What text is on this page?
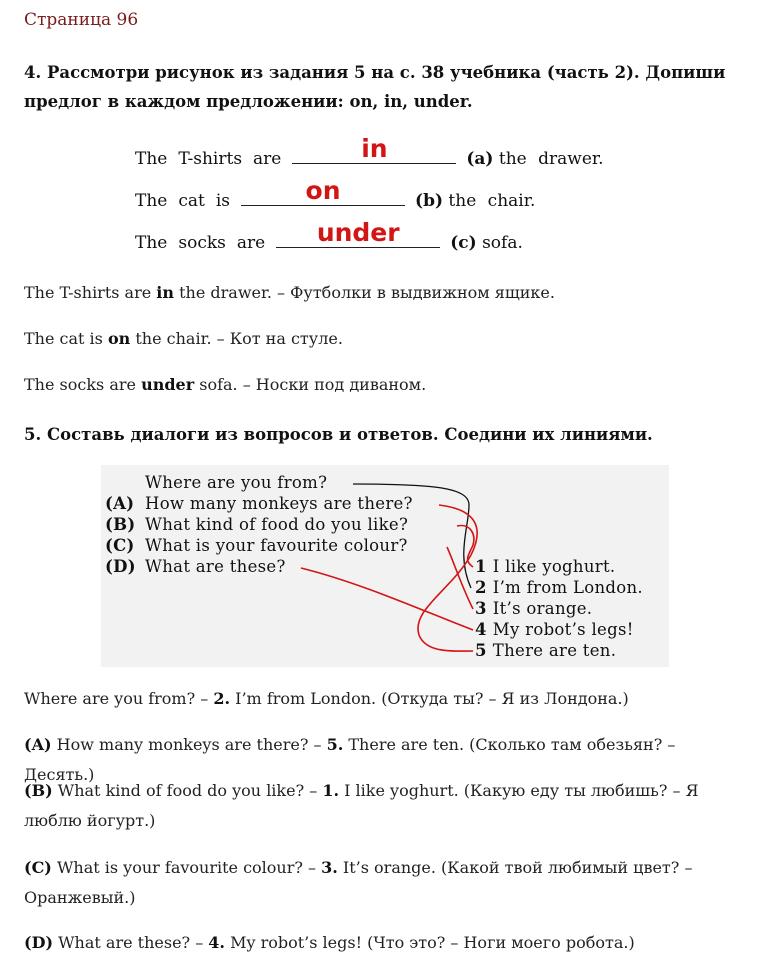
Страница 96
4. Рассмотри рисунок из задания 5 на с. 38 учебника (часть 2). Допиши предлог в каждом предложении: on, in, under.
The T-shirts are	in	(a) the drawer.
The cat is	on	(b) the chair.
The socks are	under	(c) sofa.
The T-shirts are in the drawer. – Футболки в выдвижном ящике.
The cat is on the chair. – Кот на стуле.
The socks are under sofa. – Носки под диваном.
5. Составь диалоги из вопросов и ответов. Соедини их линиями.
Where are you from?
(A) How many monkeys are there?
(B) What kind of food do you like?
(C) What is your favourite colour?
(D) What are these?	1 I like yoghurt.
2 I’m from London.
3 It’s orange.
4 My robot’s legs!
5 There are ten.
Where are you from? – 2. I’m from London. (Откуда ты? – Я из Лондона.)
(A) How many monkeys are there? – 5. There are ten. (Сколько там обезьян? – Десять.)
(B) What kind of food do you like? – 1. I like yoghurt. (Какую еду ты любишь? – Я люблю йогурт.)
(C) What is your favourite colour? – 3. It’s orange. (Какой твой любимый цвет? – Оранжевый.)
(D) What are these? – 4. My robot’s legs! (Что это? – Ноги моего робота.)
